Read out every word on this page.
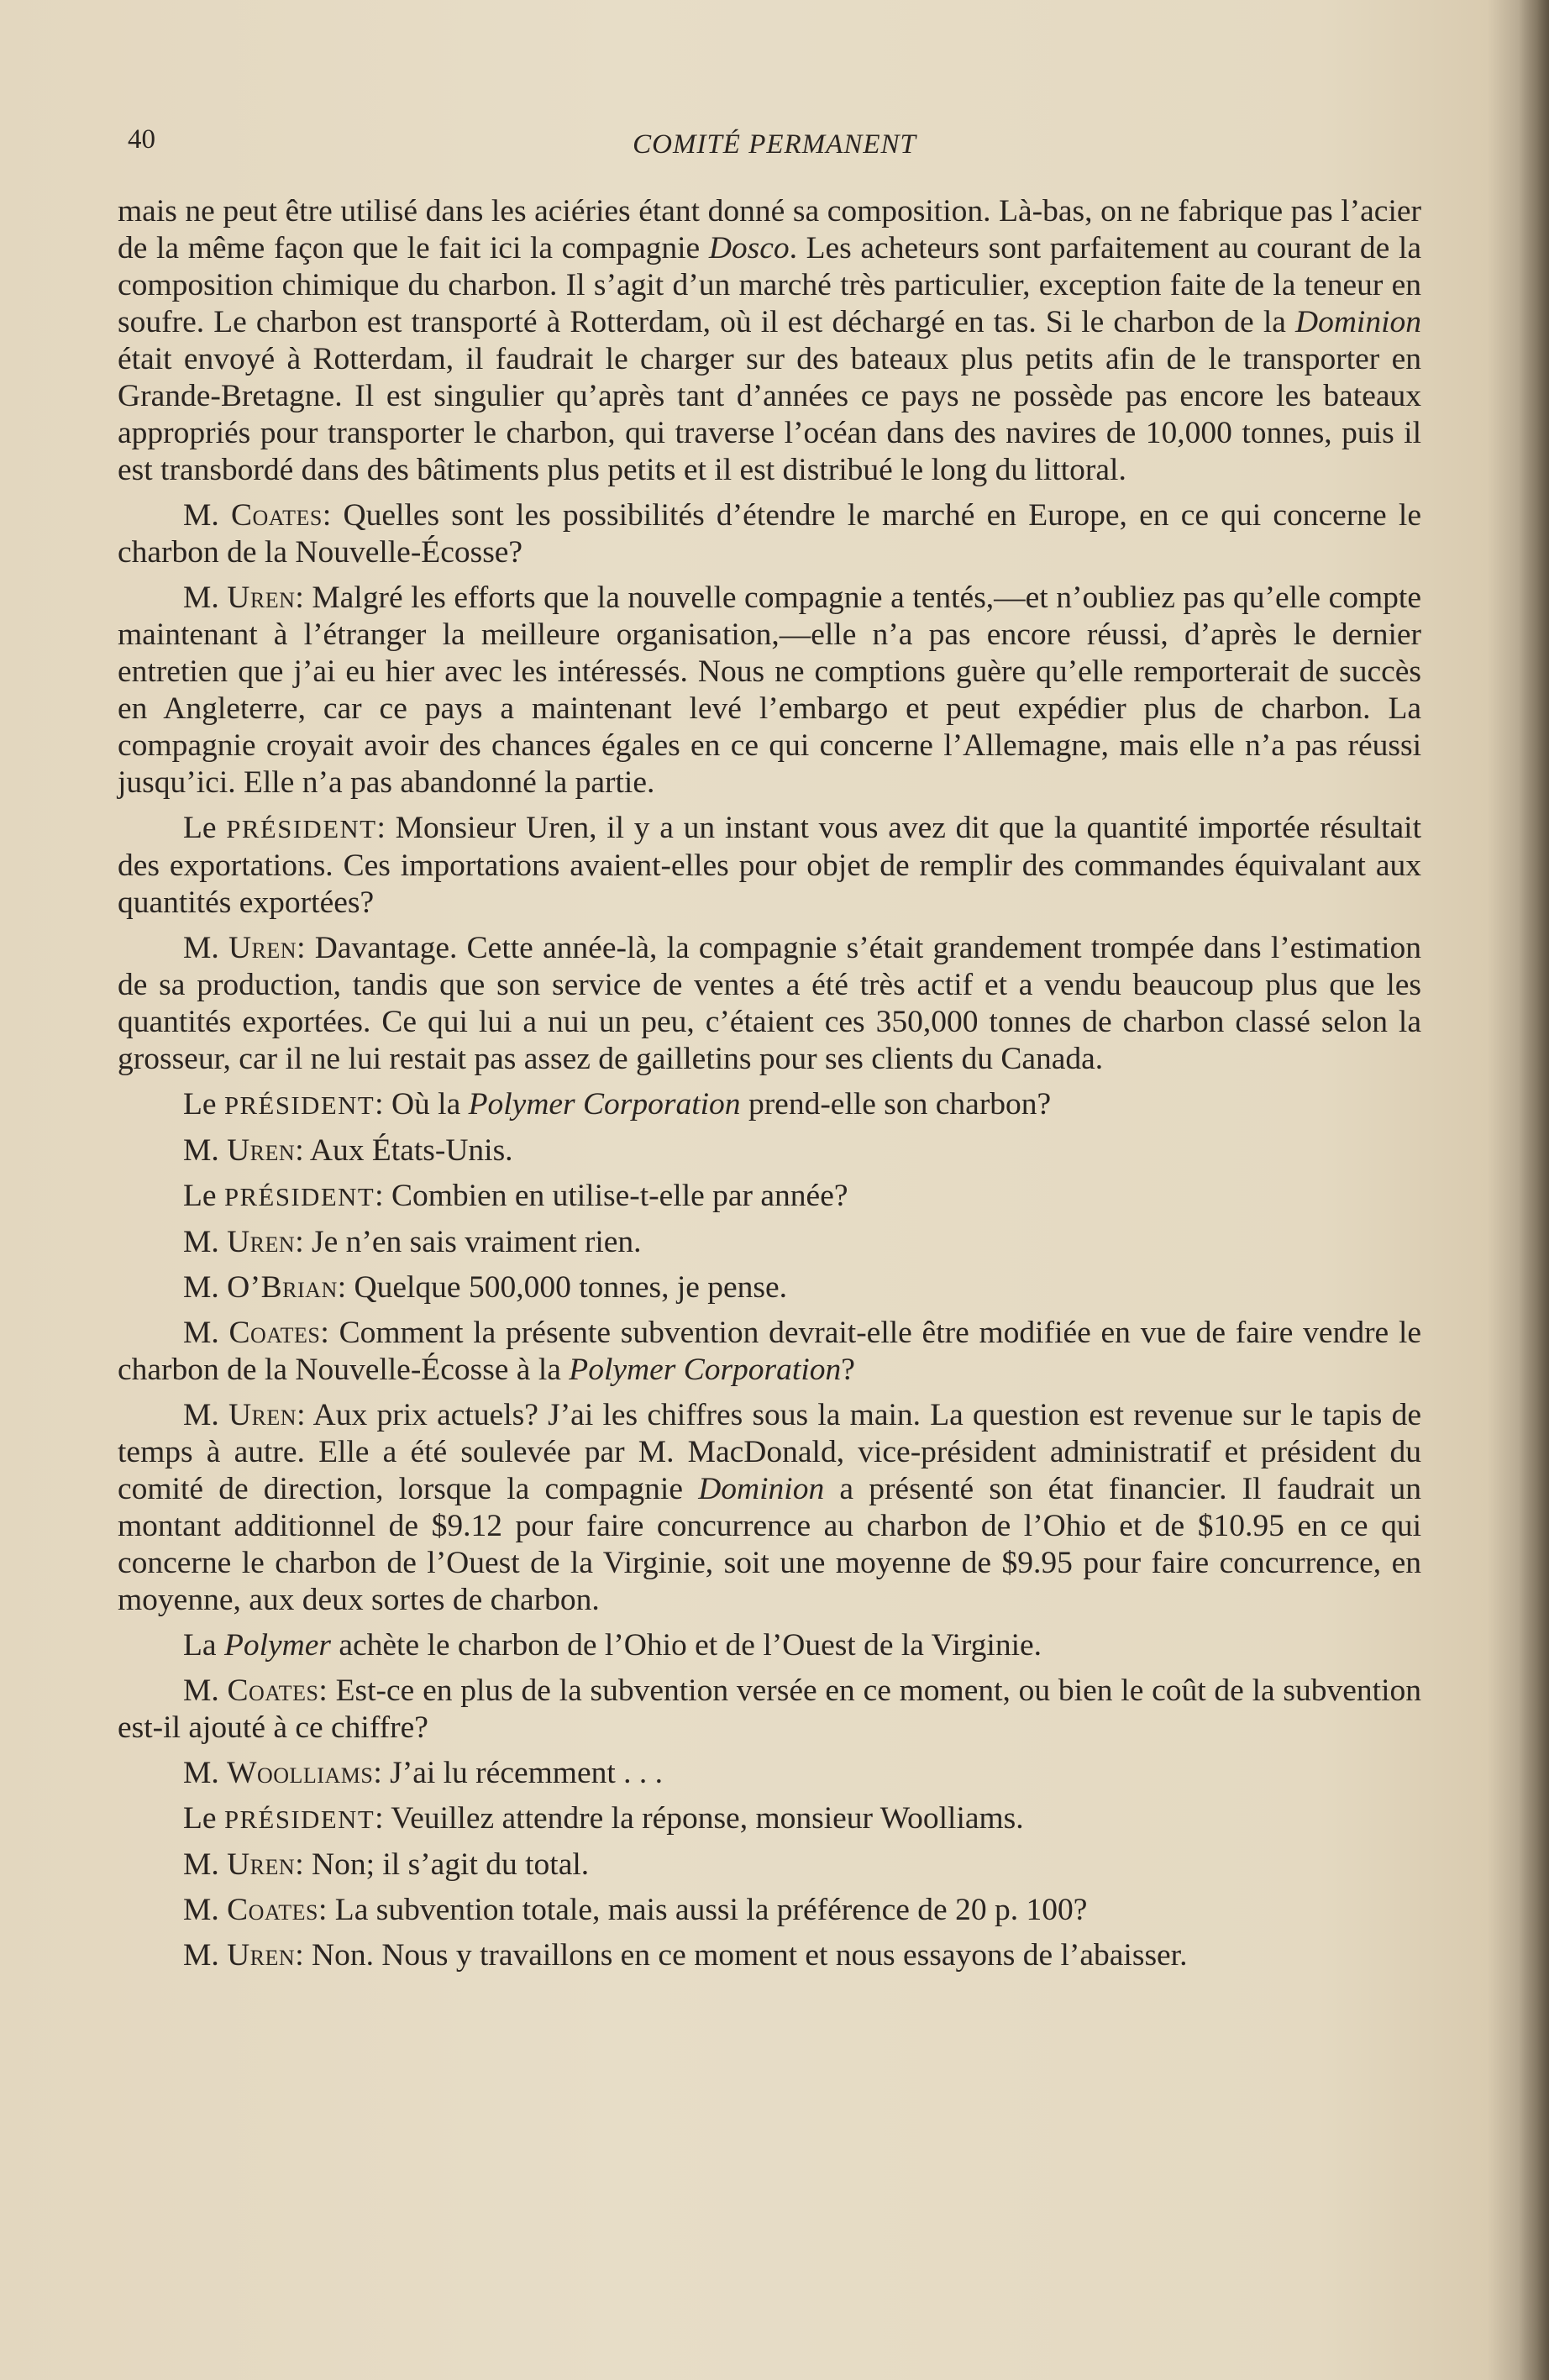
40	COMITÉ PERMANENT

mais ne peut être utilisé dans les aciéries étant donné sa composition. Là-bas, on ne fabrique pas l’acier de la même façon que le fait ici la compagnie Dosco. Les acheteurs sont parfaitement au courant de la composition chimique du charbon. Il s’agit d’un marché très particulier, exception faite de la teneur en soufre. Le charbon est transporté à Rotterdam, où il est déchargé en tas. Si le charbon de la Dominion était envoyé à Rotterdam, il faudrait le charger sur des bateaux plus petits afin de le transporter en Grande-Bretagne. Il est singulier qu’après tant d’années ce pays ne possède pas encore les bateaux appropriés pour transporter le charbon, qui traverse l’océan dans des navires de 10,000 tonnes, puis il est transbordé dans des bâtiments plus petits et il est distribué le long du littoral.

M. Coates: Quelles sont les possibilités d’étendre le marché en Europe, en ce qui concerne le charbon de la Nouvelle-Écosse?

M. Uren: Malgré les efforts que la nouvelle compagnie a tentés,—et n’oubliez pas qu’elle compte maintenant à l’étranger la meilleure organisation,—elle n’a pas encore réussi, d’après le dernier entretien que j’ai eu hier avec les intéressés. Nous ne comptions guère qu’elle remporterait de succès en Angleterre, car ce pays a maintenant levé l’embargo et peut expédier plus de charbon. La compagnie croyait avoir des chances égales en ce qui concerne l’Allemagne, mais elle n’a pas réussi jusqu’ici. Elle n’a pas abandonné la partie.

Le PRÉSIDENT: Monsieur Uren, il y a un instant vous avez dit que la quantité importée résultait des exportations. Ces importations avaient-elles pour objet de remplir des commandes équivalant aux quantités exportées?

M. Uren: Davantage. Cette année-là, la compagnie s’était grandement trompée dans l’estimation de sa production, tandis que son service de ventes a été très actif et a vendu beaucoup plus que les quantités exportées. Ce qui lui a nui un peu, c’étaient ces 350,000 tonnes de charbon classé selon la grosseur, car il ne lui restait pas assez de gailletins pour ses clients du Canada.

Le PRÉSIDENT: Où la Polymer Corporation prend-elle son charbon?

M. Uren: Aux États-Unis.

Le PRÉSIDENT: Combien en utilise-t-elle par année?

M. Uren: Je n’en sais vraiment rien.

M. O’Brian: Quelque 500,000 tonnes, je pense.

M. Coates: Comment la présente subvention devrait-elle être modifiée en vue de faire vendre le charbon de la Nouvelle-Écosse à la Polymer Corporation?

M. Uren: Aux prix actuels? J’ai les chiffres sous la main. La question est revenue sur le tapis de temps à autre. Elle a été soulevée par M. MacDonald, vice-président administratif et président du comité de direction, lorsque la compagnie Dominion a présenté son état financier. Il faudrait un montant additionnel de $9.12 pour faire concurrence au charbon de l’Ohio et de $10.95 en ce qui concerne le charbon de l’Ouest de la Virginie, soit une moyenne de $9.95 pour faire concurrence, en moyenne, aux deux sortes de charbon.

La Polymer achète le charbon de l’Ohio et de l’Ouest de la Virginie.

M. Coates: Est-ce en plus de la subvention versée en ce moment, ou bien le coût de la subvention est-il ajouté à ce chiffre?

M. Woolliams: J’ai lu récemment . . .

Le PRÉSIDENT: Veuillez attendre la réponse, monsieur Woolliams.

M. Uren: Non; il s’agit du total.

M. Coates: La subvention totale, mais aussi la préférence de 20 p. 100?

M. Uren: Non. Nous y travaillons en ce moment et nous essayons de l’abaisser.
